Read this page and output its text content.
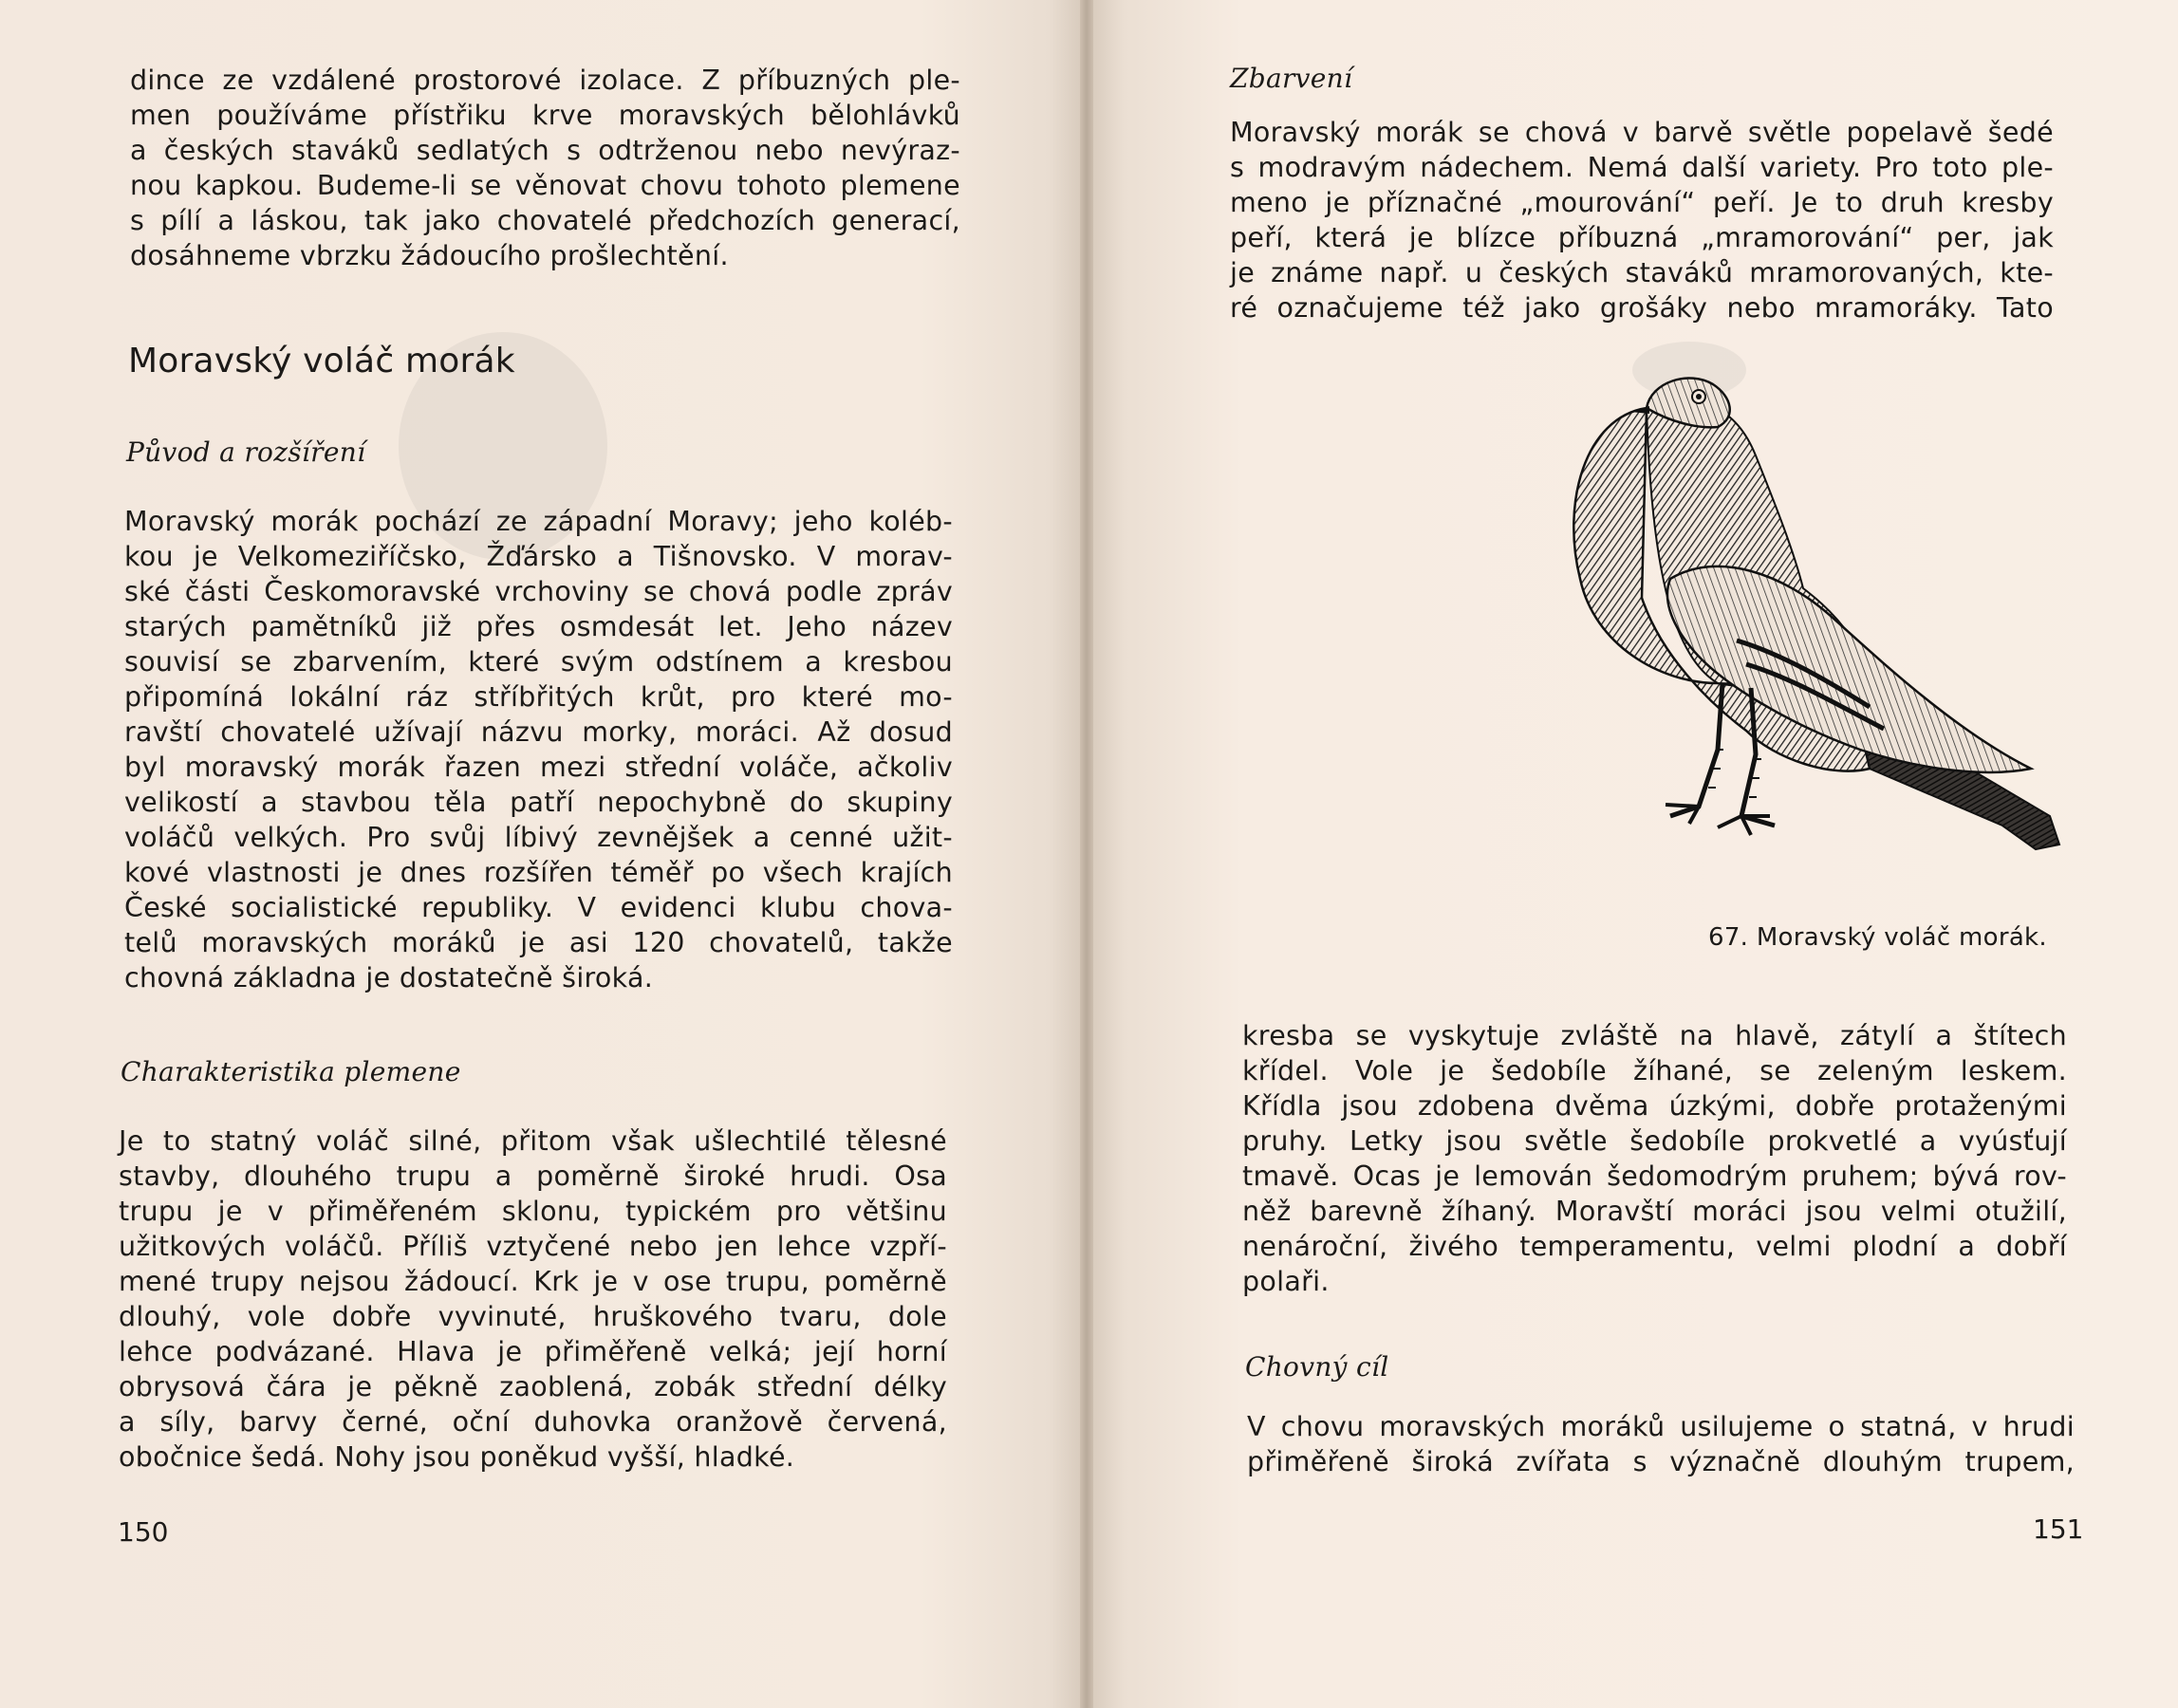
dince ze vzdálené prostorové izolace. Z příbuzných ple-
men používáme přístřiku krve moravských bělohlávků
a českých staváků sedlatých s odtrženou nebo nevýraz-
nou kapkou. Budeme-li se věnovat chovu tohoto plemene
s pílí a láskou, tak jako chovatelé předchozích generací,
dosáhneme vbrzku žádoucího prošlechtění.
Moravský voláč morák
Původ a rozšíření
Moravský morák pochází ze západní Moravy; jeho koléb-
kou je Velkomeziříčsko, Žďársko a Tišnovsko. V morav-
ské části Českomoravské vrchoviny se chová podle zpráv
starých pamětníků již přes osmdesát let. Jeho název
souvisí se zbarvením, které svým odstínem a kresbou
připomíná lokální ráz stříbřitých krůt, pro které mo-
ravští chovatelé užívají názvu morky, moráci. Až dosud
byl moravský morák řazen mezi střední voláče, ačkoliv
velikostí a stavbou těla patří nepochybně do skupiny
voláčů velkých. Pro svůj líbivý zevnějšek a cenné užit-
kové vlastnosti je dnes rozšířen téměř po všech krajích
České socialistické republiky. V evidenci klubu chova-
telů moravských moráků je asi 120 chovatelů, takže
chovná základna je dostatečně široká.
Charakteristika plemene
Je to statný voláč silné, přitom však ušlechtilé tělesné
stavby, dlouhého trupu a poměrně široké hrudi. Osa
trupu je v přiměřeném sklonu, typickém pro většinu
užitkových voláčů. Příliš vztyčené nebo jen lehce vzpří-
mené trupy nejsou žádoucí. Krk je v ose trupu, poměrně
dlouhý, vole dobře vyvinuté, hruškového tvaru, dole
lehce podvázané. Hlava je přiměřeně velká; její horní
obrysová čára je pěkně zaoblená, zobák střední délky
a síly, barvy černé, oční duhovka oranžově červená,
obočnice šedá. Nohy jsou poněkud vyšší, hladké.
150
Zbarvení
Moravský morák se chová v barvě světle popelavě šedé
s modravým nádechem. Nemá další variety. Pro toto ple-
meno je příznačné „mourování“ peří. Je to druh kresby
peří, která je blízce příbuzná „mramorování“ per, jak
je známe např. u českých staváků mramorovaných, kte-
ré označujeme též jako grošáky nebo mramoráky. Tato
67. Moravský voláč morák.
kresba se vyskytuje zvláště na hlavě, zátylí a štítech
křídel. Vole je šedobíle žíhané, se zeleným leskem.
Křídla jsou zdobena dvěma úzkými, dobře protaženými
pruhy. Letky jsou světle šedobíle prokvetlé a vyúsťují
tmavě. Ocas je lemován šedomodrým pruhem; bývá rov-
něž barevně žíhaný. Moravští moráci jsou velmi otužilí,
nenároční, živého temperamentu, velmi plodní a dobří
polaři.
Chovný cíl
V chovu moravských moráků usilujeme o statná, v hrudi
přiměřeně široká zvířata s význačně dlouhým trupem,
151
